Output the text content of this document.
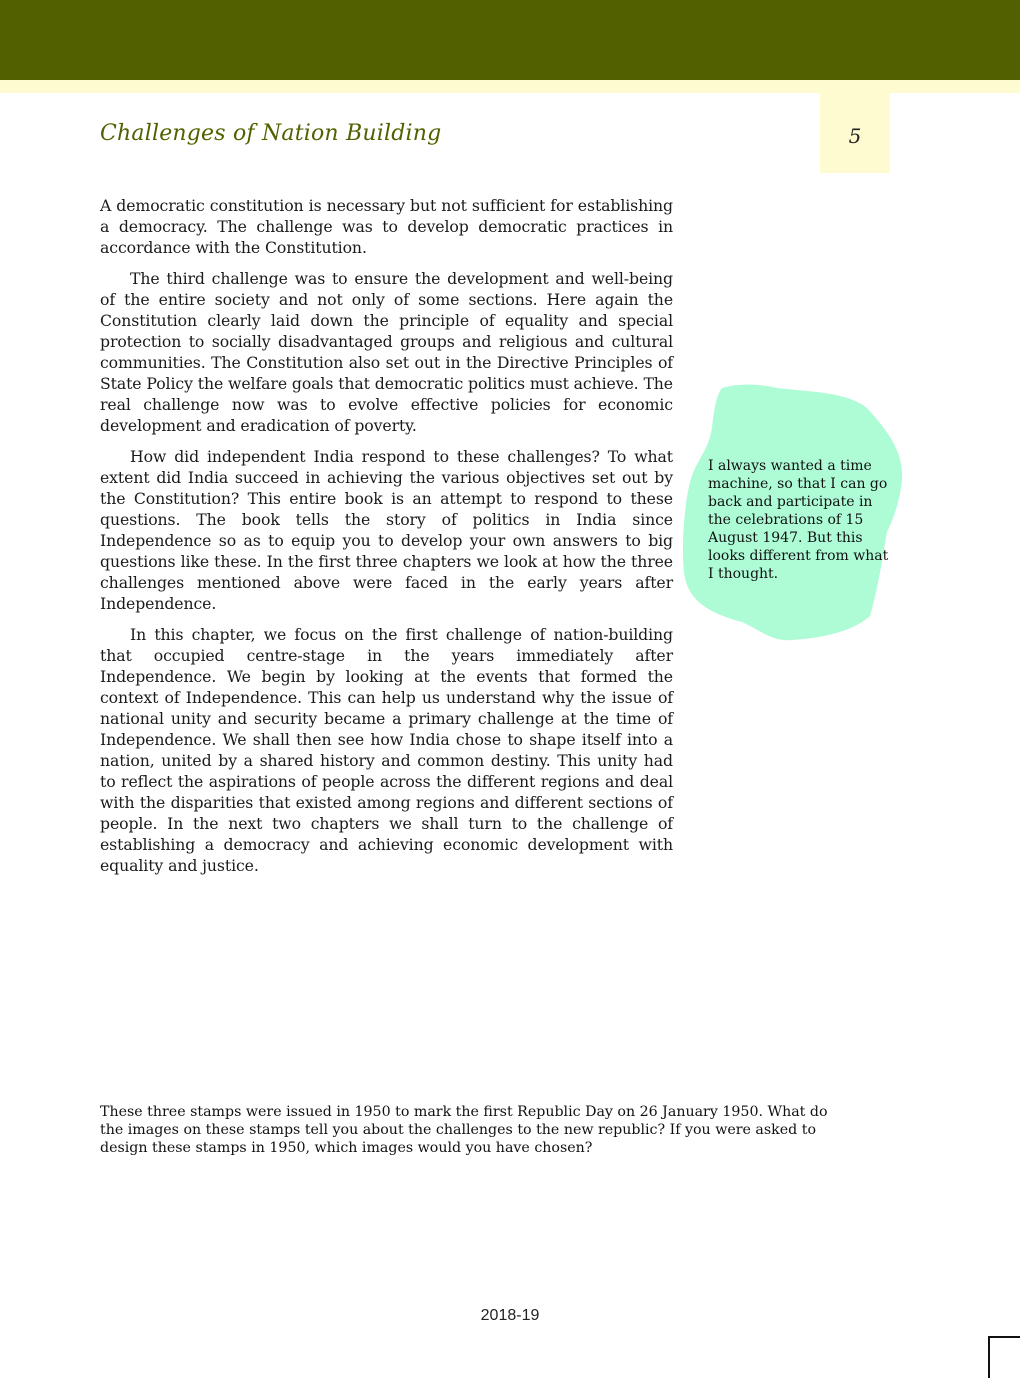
5
Challenges of Nation Building

A democratic constitution is necessary but not sufficient for establishing a democracy. The challenge was to develop democratic practices in accordance with the Constitution.

The third challenge was to ensure the development and well-being of the entire society and not only of some sections. Here again the Constitution clearly laid down the principle of equality and special protection to socially disadvantaged groups and religious and cultural communities. The Constitution also set out in the Directive Principles of State Policy the welfare goals that democratic politics must achieve. The real challenge now was to evolve effective policies for economic development and eradication of poverty.

How did independent India respond to these challenges? To what extent did India succeed in achieving the various objectives set out by the Constitution? This entire book is an attempt to respond to these questions. The book tells the story of politics in India since Independence so as to equip you to develop your own answers to big questions like these. In the first three chapters we look at how the three challenges mentioned above were faced in the early years after Independence.

In this chapter, we focus on the first challenge of nation-building that occupied centre-stage in the years immediately after Independence. We begin by looking at the events that formed the context of Independence. This can help us understand why the issue of national unity and security became a primary challenge at the time of Independence. We shall then see how India chose to shape itself into a nation, united by a shared history and common destiny. This unity had to reflect the aspirations of people across the different regions and deal with the disparities that existed among regions and different sections of people. In the next two chapters we shall turn to the challenge of establishing a democracy and achieving economic development with equality and justice.

I always wanted a time machine, so that I can go back and participate in the celebrations of 15 August 1947. But this looks different from what I thought.
These three stamps were issued in 1950 to mark the first Republic Day on 26 January 1950. What do the images on these stamps tell you about the challenges to the new republic? If you were asked to design these stamps in 1950, which images would you have chosen?
2018-19
